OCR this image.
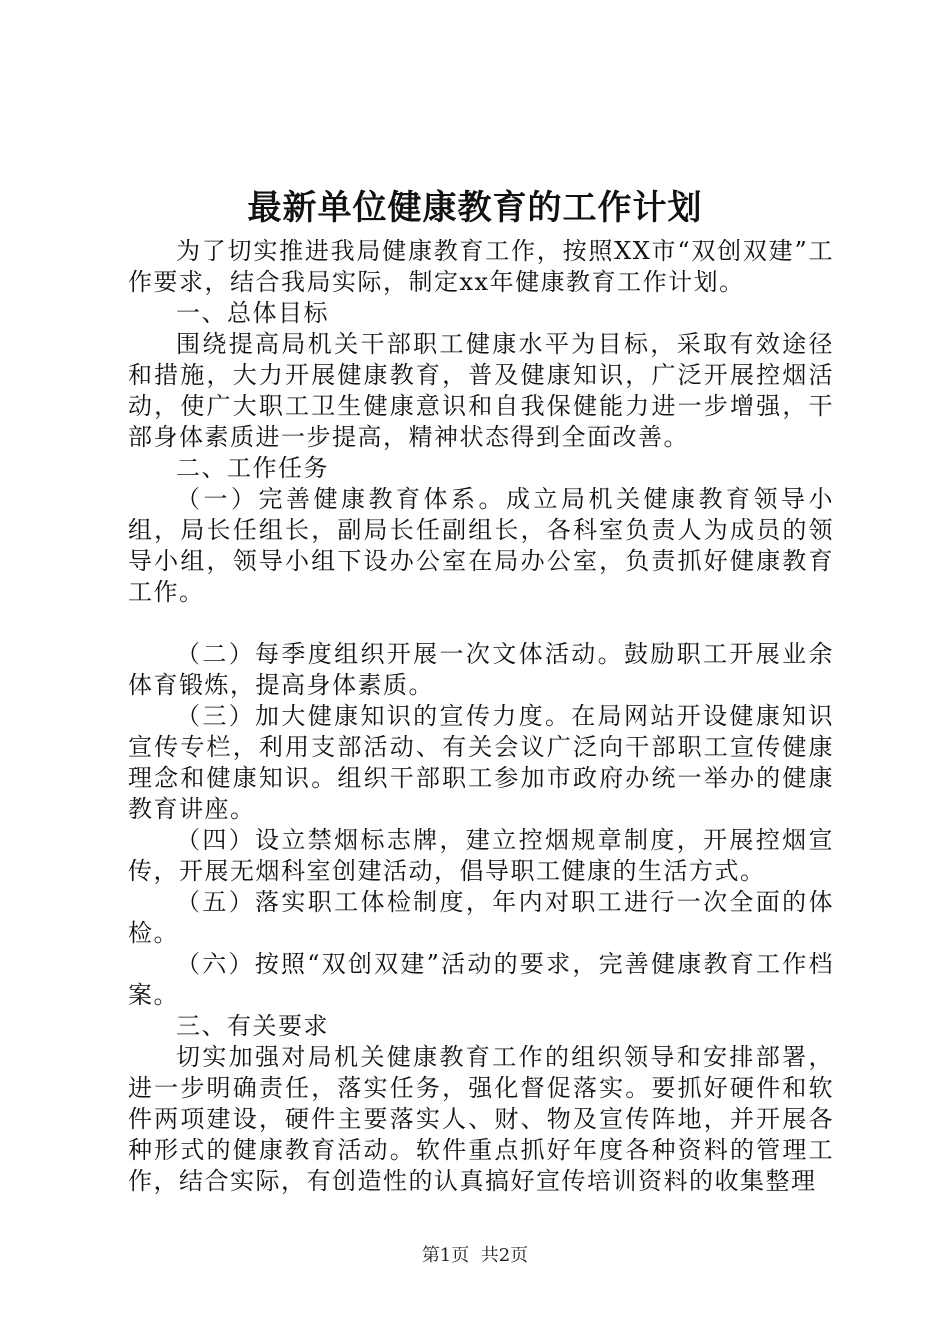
最新单位健康教育的工作计划

为了切实推进我局健康教育工作，按照XX市“双创双建”工作要求，结合我局实际，制定xx年健康教育工作计划。

一、总体目标

围绕提高局机关干部职工健康水平为目标，采取有效途径和措施，大力开展健康教育，普及健康知识，广泛开展控烟活动，使广大职工卫生健康意识和自我保健能力进一步增强，干部身体素质进一步提高，精神状态得到全面改善。

二、工作任务

（一）完善健康教育体系。成立局机关健康教育领导小组，局长任组长，副局长任副组长，各科室负责人为成员的领导小组，领导小组下设办公室在局办公室，负责抓好健康教育工作。

（二）每季度组织开展一次文体活动。鼓励职工开展业余体育锻炼，提高身体素质。

（三）加大健康知识的宣传力度。在局网站开设健康知识宣传专栏，利用支部活动、有关会议广泛向干部职工宣传健康理念和健康知识。组织干部职工参加市政府办统一举办的健康教育讲座。

（四）设立禁烟标志牌，建立控烟规章制度，开展控烟宣传，开展无烟科室创建活动，倡导职工健康的生活方式。

（五）落实职工体检制度，年内对职工进行一次全面的体检。

（六）按照“双创双建”活动的要求，完善健康教育工作档案。

三、有关要求

切实加强对局机关健康教育工作的组织领导和安排部署，进一步明确责任，落实任务，强化督促落实。要抓好硬件和软件两项建设，硬件主要落实人、财、物及宣传阵地，并开展各种形式的健康教育活动。软件重点抓好年度各种资料的管理工作，结合实际，有创造性的认真搞好宣传培训资料的收集整理

第1页  共2页
